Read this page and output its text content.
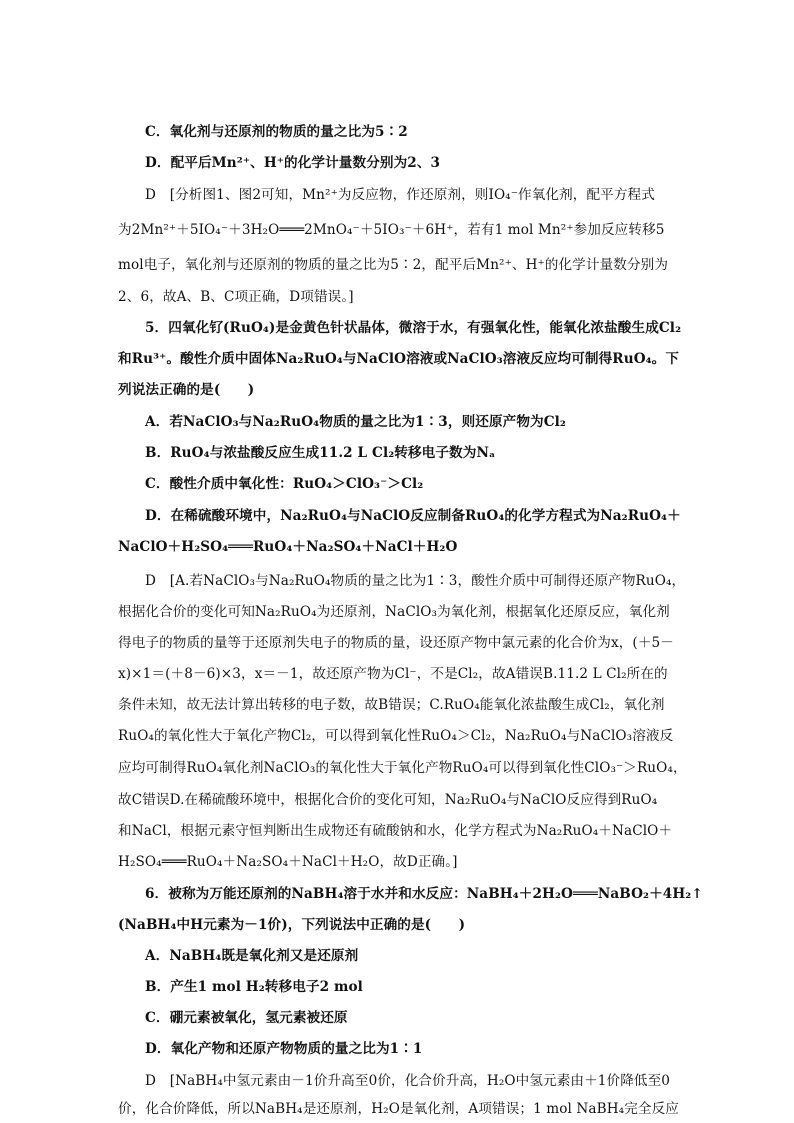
C．氧化剂与还原剂的物质的量之比为5∶2
D．配平后Mn²⁺、H⁺的化学计量数分别为2、3
D　[分析图1、图2可知，Mn²⁺为反应物，作还原剂，则IO₄⁻作氧化剂，配平方程式
为2Mn²⁺＋5IO₄⁻＋3H₂O═══2MnO₄⁻＋5IO₃⁻＋6H⁺，若有1 mol Mn²⁺参加反应转移5
mol电子，氧化剂与还原剂的物质的量之比为5∶2，配平后Mn²⁺、H⁺的化学计量数分别为
2、6，故A、B、C项正确，D项错误。]
5．四氧化钌(RuO₄)是金黄色针状晶体，微溶于水，有强氧化性，能氧化浓盐酸生成Cl₂
和Ru³⁺。酸性介质中固体Na₂RuO₄与NaClO溶液或NaClO₃溶液反应均可制得RuO₄。下
列说法正确的是(　　)
A．若NaClO₃与Na₂RuO₄物质的量之比为1∶3，则还原产物为Cl₂
B．RuO₄与浓盐酸反应生成11.2 L Cl₂转移电子数为Nₐ
C．酸性介质中氧化性：RuO₄＞ClO₃⁻＞Cl₂
D．在稀硫酸环境中，Na₂RuO₄与NaClO反应制备RuO₄的化学方程式为Na₂RuO₄＋
NaClO＋H₂SO₄═══RuO₄＋Na₂SO₄＋NaCl＋H₂O
D　[A.若NaClO₃与Na₂RuO₄物质的量之比为1∶3，酸性介质中可制得还原产物RuO₄，
根据化合价的变化可知Na₂RuO₄为还原剂，NaClO₃为氧化剂，根据氧化还原反应，氧化剂
得电子的物质的量等于还原剂失电子的物质的量，设还原产物中氯元素的化合价为x，(＋5－
x)×1＝(＋8－6)×3，x＝－1，故还原产物为Cl⁻，不是Cl₂，故A错误B.11.2 L Cl₂所在的
条件未知，故无法计算出转移的电子数，故B错误；C.RuO₄能氧化浓盐酸生成Cl₂，氧化剂
RuO₄的氧化性大于氧化产物Cl₂，可以得到氧化性RuO₄＞Cl₂，Na₂RuO₄与NaClO₃溶液反
应均可制得RuO₄氧化剂NaClO₃的氧化性大于氧化产物RuO₄可以得到氧化性ClO₃⁻＞RuO₄，
故C错误D.在稀硫酸环境中，根据化合价的变化可知，Na₂RuO₄与NaClO反应得到RuO₄
和NaCl，根据元素守恒判断出生成物还有硫酸钠和水，化学方程式为Na₂RuO₄＋NaClO＋
H₂SO₄═══RuO₄＋Na₂SO₄＋NaCl＋H₂O，故D正确。]
6．被称为万能还原剂的NaBH₄溶于水并和水反应：NaBH₄＋2H₂O═══NaBO₂＋4H₂↑
(NaBH₄中H元素为－1价)，下列说法中正确的是(　　)
A．NaBH₄既是氧化剂又是还原剂
B．产生1 mol H₂转移电子2 mol
C．硼元素被氧化，氢元素被还原
D．氧化产物和还原产物物质的量之比为1∶1
D　[NaBH₄中氢元素由－1价升高至0价，化合价升高，H₂O中氢元素由＋1价降低至0
价，化合价降低，所以NaBH₄是还原剂，H₂O是氧化剂，A项错误；1 mol NaBH₄完全反应
